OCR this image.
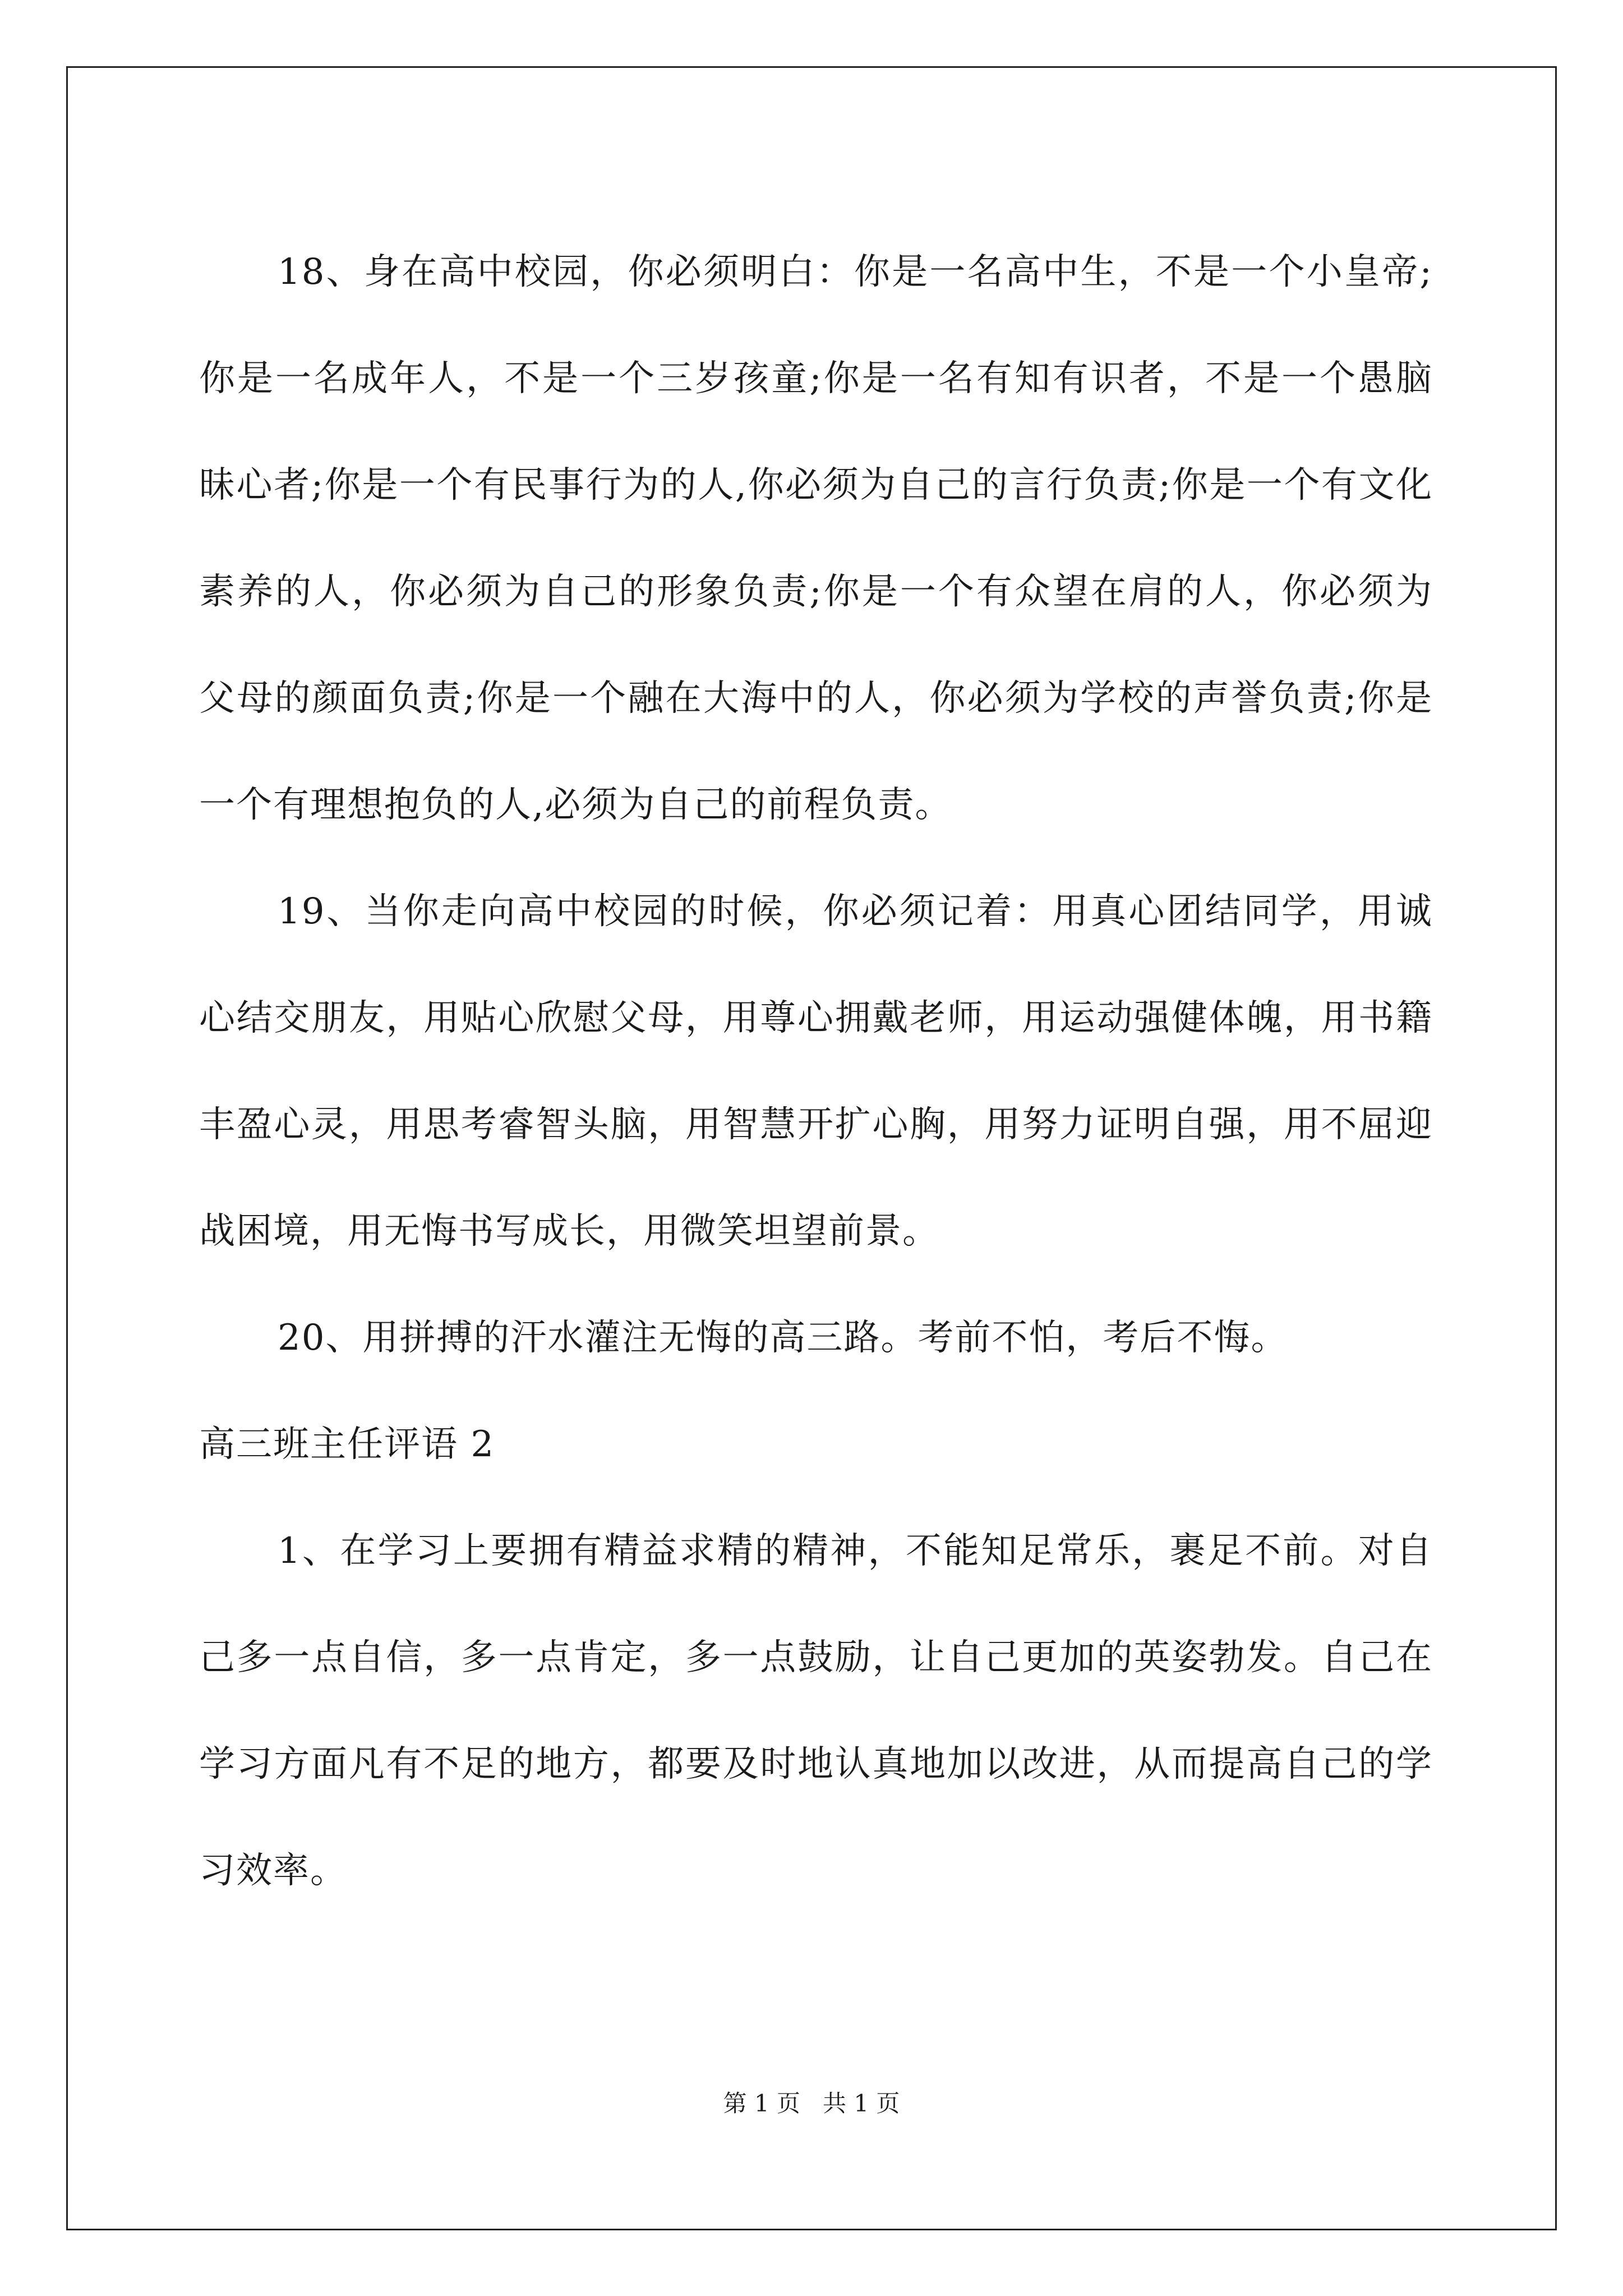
18、身在高中校园，你必须明白：你是一名高中生，不是一个小皇帝;你是一名成年人，不是一个三岁孩童;你是一名有知有识者，不是一个愚脑昧心者;你是一个有民事行为的人,你必须为自己的言行负责;你是一个有文化素养的人，你必须为自己的形象负责;你是一个有众望在肩的人，你必须为父母的颜面负责;你是一个融在大海中的人，你必须为学校的声誉负责;你是一个有理想抱负的人,必须为自己的前程负责。

19、当你走向高中校园的时候，你必须记着：用真心团结同学，用诚心结交朋友，用贴心欣慰父母，用尊心拥戴老师，用运动强健体魄，用书籍丰盈心灵，用思考睿智头脑，用智慧开扩心胸，用努力证明自强，用不屈迎战困境，用无悔书写成长，用微笑坦望前景。

20、用拼搏的汗水灌注无悔的高三路。考前不怕，考后不悔。

高三班主任评语 2

1、在学习上要拥有精益求精的精神，不能知足常乐，裹足不前。对自己多一点自信，多一点肯定，多一点鼓励，让自己更加的英姿勃发。自己在学习方面凡有不足的地方，都要及时地认真地加以改进，从而提高自己的学习效率。

第 1 页 共 1 页
